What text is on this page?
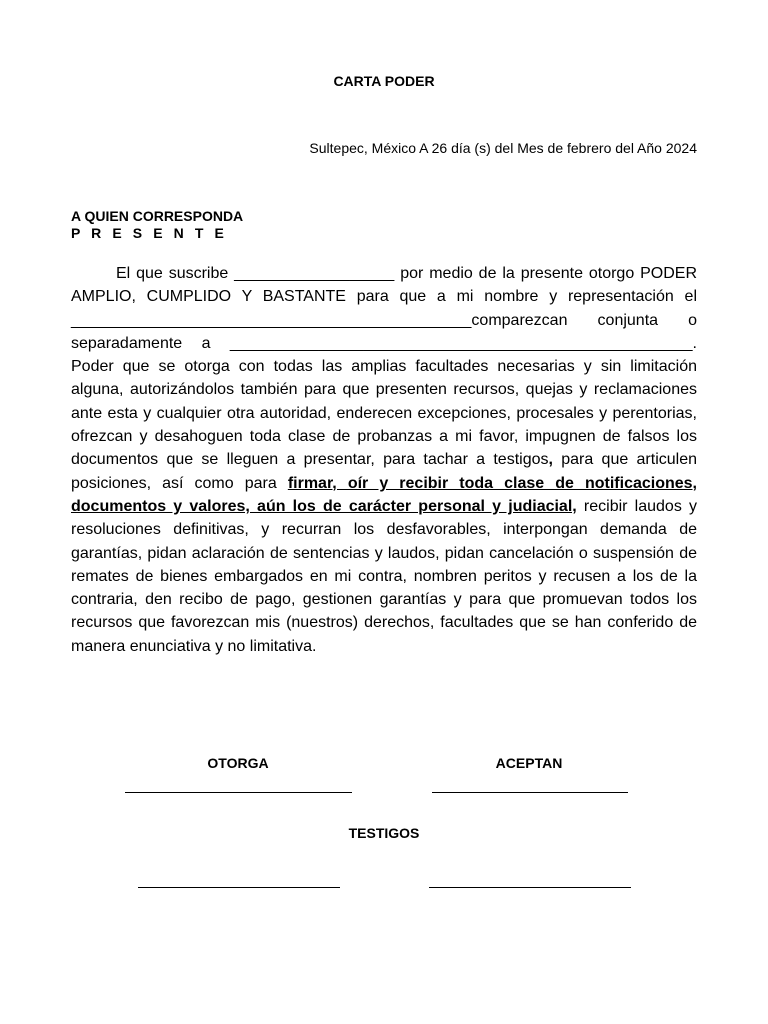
CARTA PODER
Sultepec, México A 26 día (s) del Mes de febrero del Año 2024
A QUIEN CORRESPONDA
P R E S E N T E
El que suscribe __________________ por medio de la presente otorgo PODER AMPLIO, CUMPLIDO Y BASTANTE para que a mi nombre y representación el
_____________________________________________comparezcan conjunta o
separadamente a ____________________________________________________.
Poder que se otorga con todas las amplias facultades necesarias y sin limitación alguna, autorizándolos también para que presenten recursos, quejas y reclamaciones ante esta y cualquier otra autoridad, enderecen excepciones, procesales y perentorias, ofrezcan y desahoguen toda clase de probanzas a mi favor, impugnen de falsos los documentos que se lleguen a presentar, para tachar a testigos, para que articulen posiciones, así como para firmar, oír y recibir toda clase de notificaciones, documentos y valores, aún los de carácter personal y judiacial, recibir laudos y resoluciones definitivas, y recurran los desfavorables, interpongan demanda de garantías, pidan aclaración de sentencias y laudos, pidan cancelación o suspensión de remates de bienes embargados en mi contra, nombren peritos y recusen a los de la contraria, den recibo de pago, gestionen garantías y para que promuevan todos los recursos que favorezcan mis (nuestros) derechos, facultades que se han conferido de manera enunciativa y no limitativa.
OTORGA	ACEPTAN
TESTIGOS
